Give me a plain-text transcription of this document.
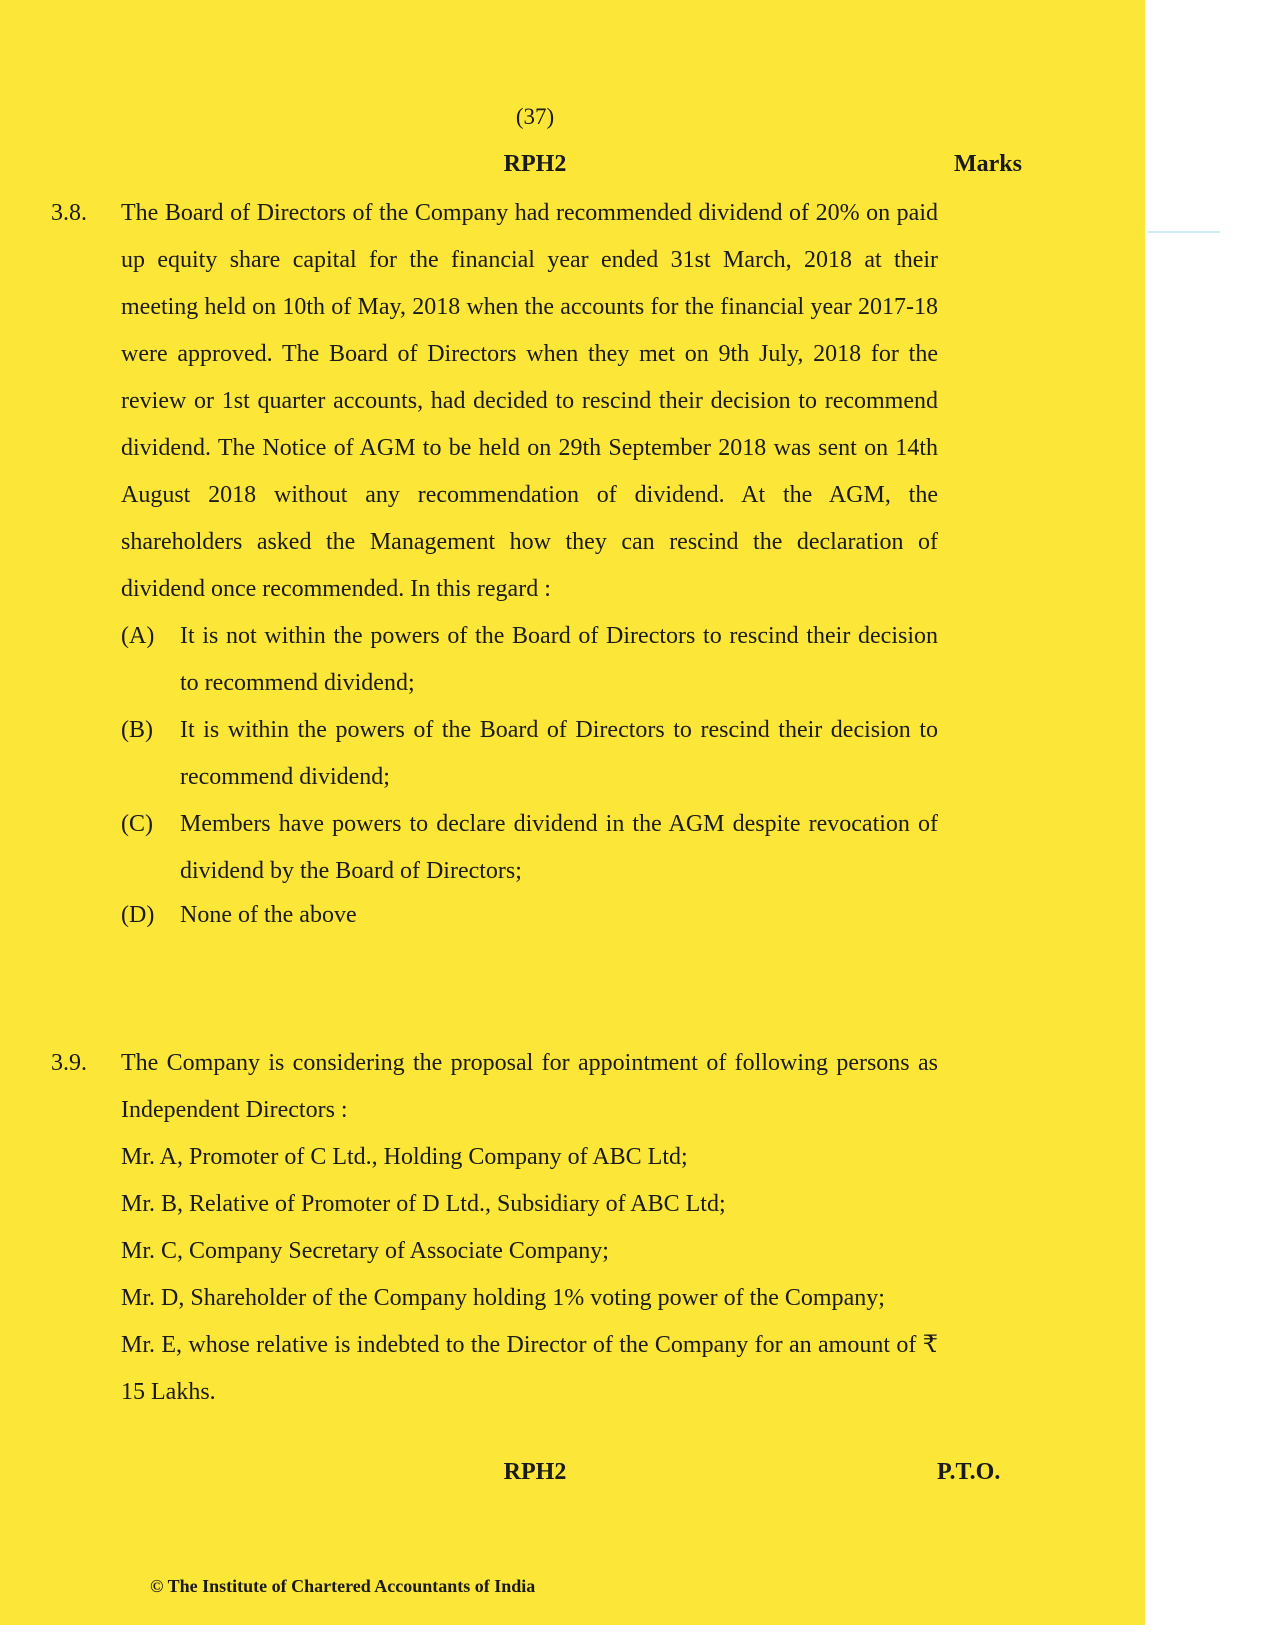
(37)
RPH2	Marks
3.8. The Board of Directors of the Company had recommended dividend of 20% on paid up equity share capital for the financial year ended 31st March, 2018 at their meeting held on 10th of May, 2018 when the accounts for the financial year 2017-18 were approved. The Board of Directors when they met on 9th July, 2018 for the review or 1st quarter accounts, had decided to rescind their decision to recommend dividend. The Notice of AGM to be held on 29th September 2018 was sent on 14th August 2018 without any recommendation of dividend. At the AGM, the shareholders asked the Management how they can rescind the declaration of dividend once recommended. In this regard :

(A)	It is not within the powers of the Board of Directors to rescind their decision to recommend dividend;
(B)	It is within the powers of the Board of Directors to rescind their decision to recommend dividend;
(C)	Members have powers to declare dividend in the AGM despite revocation of dividend by the Board of Directors;
(D)	None of the above
3.9. The Company is considering the proposal for appointment of following persons as Independent Directors :

Mr. A, Promoter of C Ltd., Holding Company of ABC Ltd;

Mr. B, Relative of Promoter of D Ltd., Subsidiary of ABC Ltd;

Mr. C, Company Secretary of Associate Company;

Mr. D, Shareholder of the Company holding 1% voting power of the Company;

Mr. E, whose relative is indebted to the Director of the Company for an amount of ₹ 15 Lakhs.

RPH2	P.T.O.
© The Institute of Chartered Accountants of India
